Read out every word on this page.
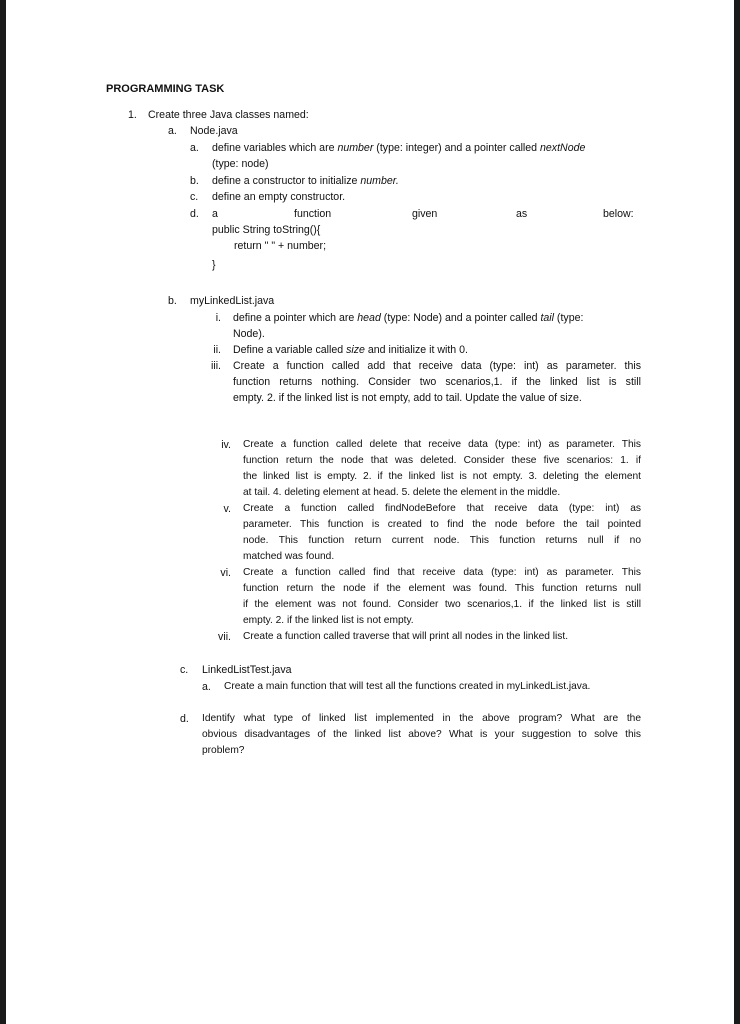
PROGRAMMING TASK
1. Create three Java classes named:
a. Node.java
a. define variables which are number (type: integer) and a pointer called nextNode
(type: node)
b. define a constructor to initialize number.
c. define an empty constructor.
d. a	function	given	as	below:
public String toString(){
return " " + number;
}
b. myLinkedList.java
i. define a pointer which are head (type: Node) and a pointer called tail (type:
Node).
ii. Define a variable called size and initialize it with 0.
iii. Create a function called add that receive data (type: int) as parameter. this
function returns nothing. Consider two scenarios,1. if the linked list is still
empty. 2. if the linked list is not empty, add to tail. Update the value of size.
iv. Create a function called delete that receive data (type: int) as parameter. This
function return the node that was deleted. Consider these five scenarios: 1. if
the linked list is empty. 2. if the linked list is not empty. 3. deleting the element
at tail. 4. deleting element at head. 5. delete the element in the middle.
v. Create a function called findNodeBefore that receive data (type: int) as
parameter. This function is created to find the node before the tail pointed
node. This function return current node. This function returns null if no
matched was found.
vi. Create a function called find that receive data (type: int) as parameter. This
function return the node if the element was found. This function returns null
if the element was not found. Consider two scenarios,1. if the linked list is still
empty. 2. if the linked list is not empty.
vii. Create a function called traverse that will print all nodes in the linked list.
c. LinkedListTest.java
a. Create a main function that will test all the functions created in myLinkedList.java.
d. Identify what type of linked list implemented in the above program? What are the
obvious disadvantages of the linked list above? What is your suggestion to solve this
problem?
